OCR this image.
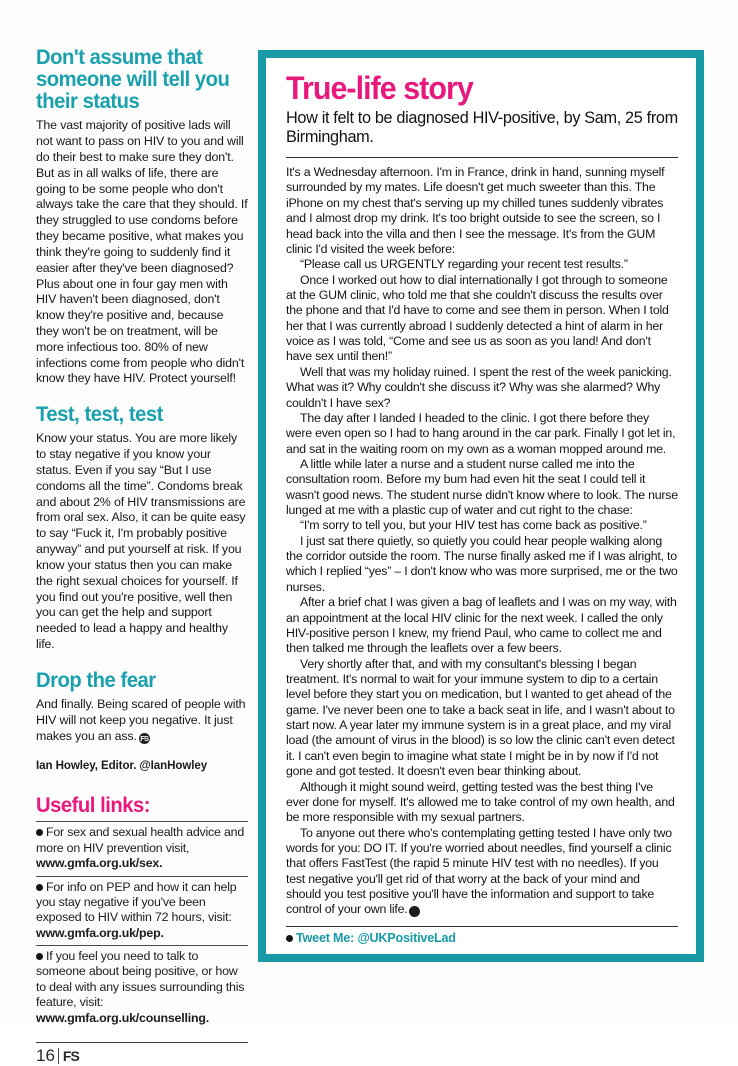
Don't assume that someone will tell you their status

The vast majority of positive lads will not want to pass on HIV to you and will do their best to make sure they don't. But as in all walks of life, there are going to be some people who don't always take the care that they should. If they struggled to use condoms before they became positive, what makes you think they're going to suddenly find it easier after they've been diagnosed? Plus about one in four gay men with HIV haven't been diagnosed, don't know they're positive and, because they won't be on treatment, will be more infectious too. 80% of new infections come from people who didn't know they have HIV. Protect yourself!

Test, test, test

Know your status. You are more likely to stay negative if you know your status. Even if you say “But I use condoms all the time”. Condoms break and about 2% of HIV transmissions are from oral sex. Also, it can be quite easy to say “Fuck it, I'm probably positive anyway” and put yourself at risk. If you know your status then you can make the right sexual choices for yourself. If you find out you're positive, well then you can get the help and support needed to lead a happy and healthy life.

Drop the fear

And finally. Being scared of people with HIV will not keep you negative. It just makes you an ass. FS

Ian Howley, Editor. @IanHowley
Useful links:
For sex and sexual health advice and more on HIV prevention visit, www.gmfa.org.uk/sex.
For info on PEP and how it can help you stay negative if you've been exposed to HIV within 72 hours, visit: www.gmfa.org.uk/pep.
If you feel you need to talk to someone about being positive, or how to deal with any issues surrounding this feature, visit: www.gmfa.org.uk/counselling.
16 FS
True-life story
How it felt to be diagnosed HIV-positive, by Sam, 25 from Birmingham.

It's a Wednesday afternoon. I'm in France, drink in hand, sunning myself surrounded by my mates. Life doesn't get much sweeter than this. The iPhone on my chest that's serving up my chilled tunes suddenly vibrates and I almost drop my drink. It's too bright outside to see the screen, so I head back into the villa and then I see the message. It's from the GUM clinic I'd visited the week before:

“Please call us URGENTLY regarding your recent test results.”

Once I worked out how to dial internationally I got through to someone at the GUM clinic, who told me that she couldn't discuss the results over the phone and that I'd have to come and see them in person. When I told her that I was currently abroad I suddenly detected a hint of alarm in her voice as I was told, “Come and see us as soon as you land! And don't have sex until then!”

Well that was my holiday ruined. I spent the rest of the week panicking. What was it? Why couldn't she discuss it? Why was she alarmed? Why couldn't I have sex?

The day after I landed I headed to the clinic. I got there before they were even open so I had to hang around in the car park. Finally I got let in, and sat in the waiting room on my own as a woman mopped around me.

A little while later a nurse and a student nurse called me into the consultation room. Before my bum had even hit the seat I could tell it wasn't good news. The student nurse didn't know where to look. The nurse lunged at me with a plastic cup of water and cut right to the chase:

“I'm sorry to tell you, but your HIV test has come back as positive.”

I just sat there quietly, so quietly you could hear people walking along the corridor outside the room. The nurse finally asked me if I was alright, to which I replied “yes” – I don't know who was more surprised, me or the two nurses.

After a brief chat I was given a bag of leaflets and I was on my way, with an appointment at the local HIV clinic for the next week. I called the only HIV-positive person I knew, my friend Paul, who came to collect me and then talked me through the leaflets over a few beers.

Very shortly after that, and with my consultant's blessing I began treatment. It's normal to wait for your immune system to dip to a certain level before they start you on medication, but I wanted to get ahead of the game. I've never been one to take a back seat in life, and I wasn't about to start now. A year later my immune system is in a great place, and my viral load (the amount of virus in the blood) is so low the clinic can't even detect it. I can't even begin to imagine what state I might be in by now if I'd not gone and got tested. It doesn't even bear thinking about.

Although it might sound weird, getting tested was the best thing I've ever done for myself. It's allowed me to take control of my own health, and be more responsible with my sexual partners.

To anyone out there who's contemplating getting tested I have only two words for you: DO IT. If you're worried about needles, find yourself a clinic that offers FastTest (the rapid 5 minute HIV test with no needles). If you test negative you'll get rid of that worry at the back of your mind and should you test positive you'll have the information and support to take control of your own life. FS

Tweet Me: @UKPositiveLad
